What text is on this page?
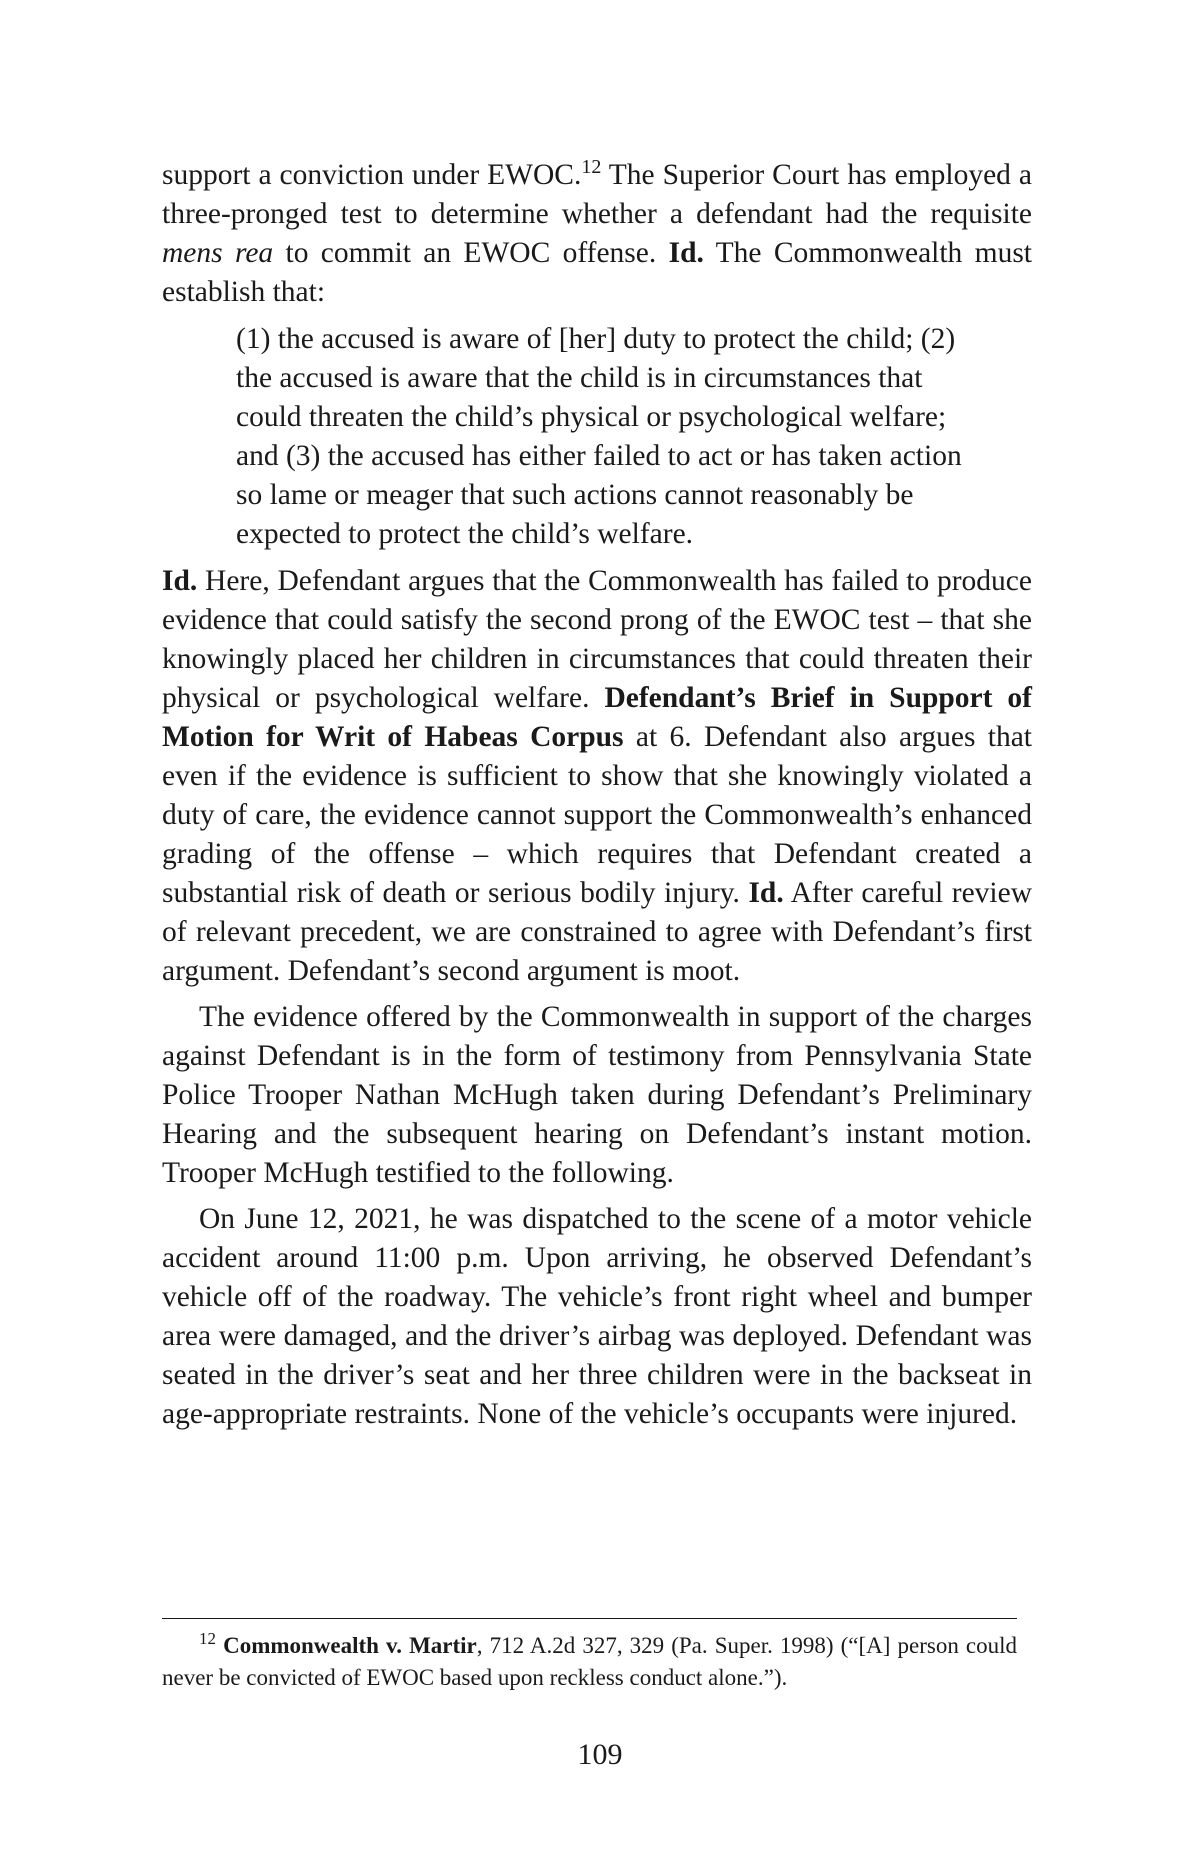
support a conviction under EWOC.$^{12}$ The Superior Court has employed a three-pronged test to determine whether a defendant had the requisite mens rea to commit an EWOC offense. Id. The Commonwealth must establish that:

(1) the accused is aware of [her] duty to protect the child; (2) the accused is aware that the child is in circumstances that could threaten the child’s physical or psychological welfare; and (3) the accused has either failed to act or has taken action so lame or meager that such actions cannot reasonably be expected to protect the child’s welfare.

Id. Here, Defendant argues that the Commonwealth has failed to produce evidence that could satisfy the second prong of the EWOC test – that she knowingly placed her children in circumstances that could threaten their physical or psychological welfare. Defendant’s Brief in Support of Motion for Writ of Habeas Corpus at 6. Defendant also argues that even if the evidence is sufficient to show that she knowingly violated a duty of care, the evidence cannot support the Commonwealth’s enhanced grading of the offense – which requires that Defendant created a substantial risk of death or serious bodily injury. Id. After careful review of relevant precedent, we are constrained to agree with Defendant’s first argument. Defendant’s second argument is moot.

The evidence offered by the Commonwealth in support of the charges against Defendant is in the form of testimony from Pennsylvania State Police Trooper Nathan McHugh taken during Defendant’s Preliminary Hearing and the subsequent hearing on Defendant’s instant motion. Trooper McHugh testified to the following.

On June 12, 2021, he was dispatched to the scene of a motor vehicle accident around 11:00 p.m. Upon arriving, he observed Defendant’s vehicle off of the roadway. The vehicle’s front right wheel and bumper area were damaged, and the driver’s airbag was deployed. Defendant was seated in the driver’s seat and her three children were in the backseat in age-appropriate restraints. None of the vehicle’s occupants were injured.

$^{12}$ Commonwealth v. Martir, 712 A.2d 327, 329 (Pa. Super. 1998) (“[A] person could never be convicted of EWOC based upon reckless conduct alone.”).

109
